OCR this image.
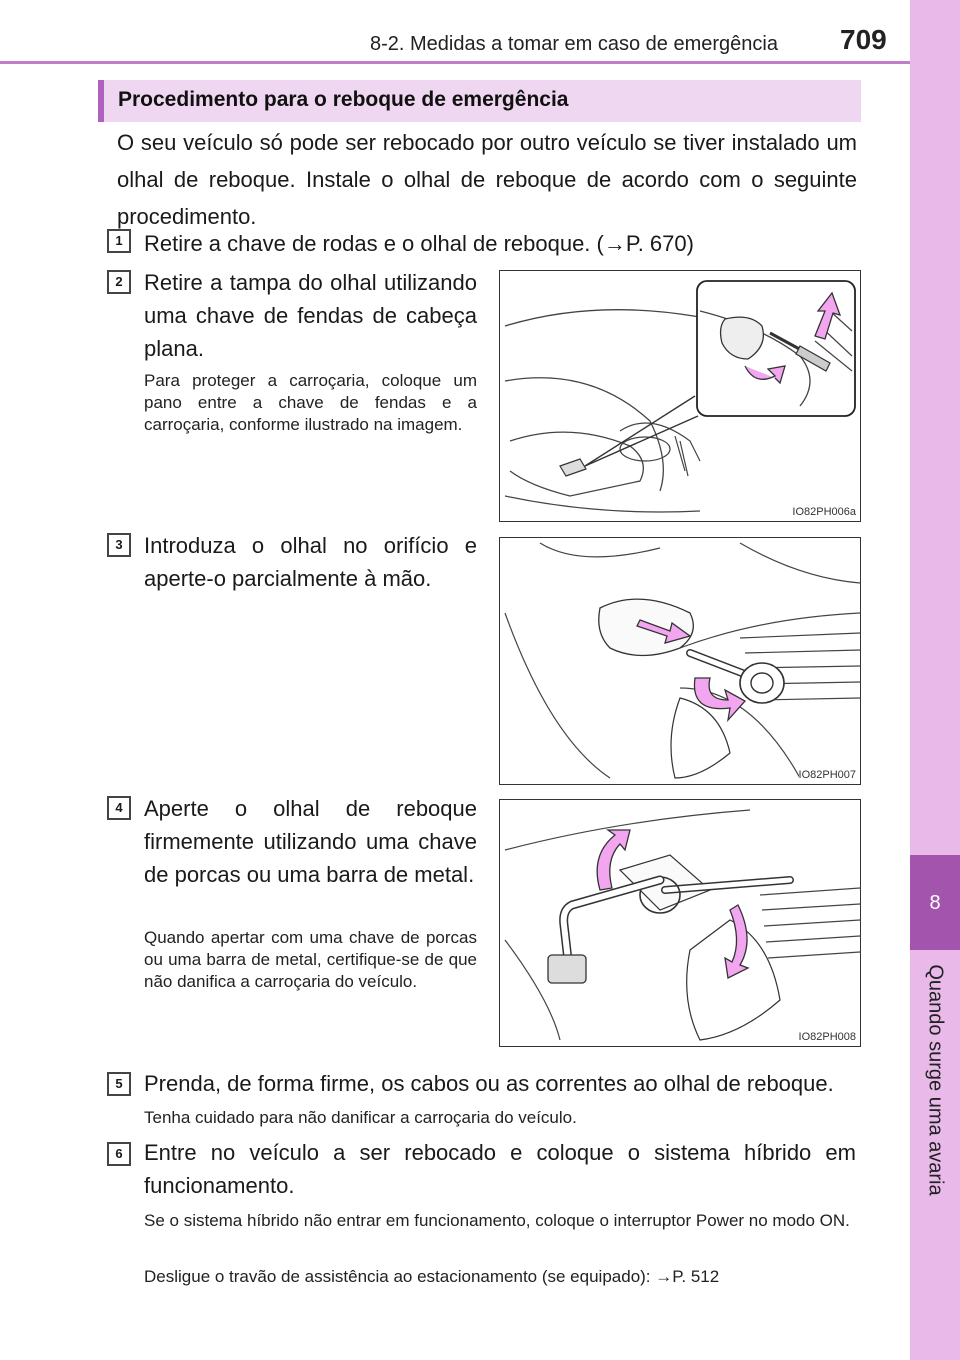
8
Quando surge uma avaria
8-2. Medidas a tomar em caso de emergência 709
Procedimento para o reboque de emergência
O seu veículo só pode ser rebocado por outro veículo se tiver instalado um olhal de reboque. Instale o olhal de reboque de acordo com o seguinte procedimento.
1 Retire a chave de rodas e o olhal de reboque. (→P. 670)
2 Retire a tampa do olhal utilizando uma chave de fendas de cabeça plana.
Para proteger a carroçaria, coloque um pano entre a chave de fendas e a carroçaria, conforme ilustrado na imagem.
IO82PH006a
3 Introduza o olhal no orifício e aperte-o parcialmente à mão.
IO82PH007
4 Aperte o olhal de reboque firmemente utilizando uma chave de porcas ou uma barra de metal.
Quando apertar com uma chave de porcas ou uma barra de metal, certifique-se de que não danifica a carroçaria do veículo.
IO82PH008
5 Prenda, de forma firme, os cabos ou as correntes ao olhal de reboque.
Tenha cuidado para não danificar a carroçaria do veículo.
6 Entre no veículo a ser rebocado e coloque o sistema híbrido em funcionamento.
Se o sistema híbrido não entrar em funcionamento, coloque o interruptor Power no modo ON.
Desligue o travão de assistência ao estacionamento (se equipado): →P. 512
